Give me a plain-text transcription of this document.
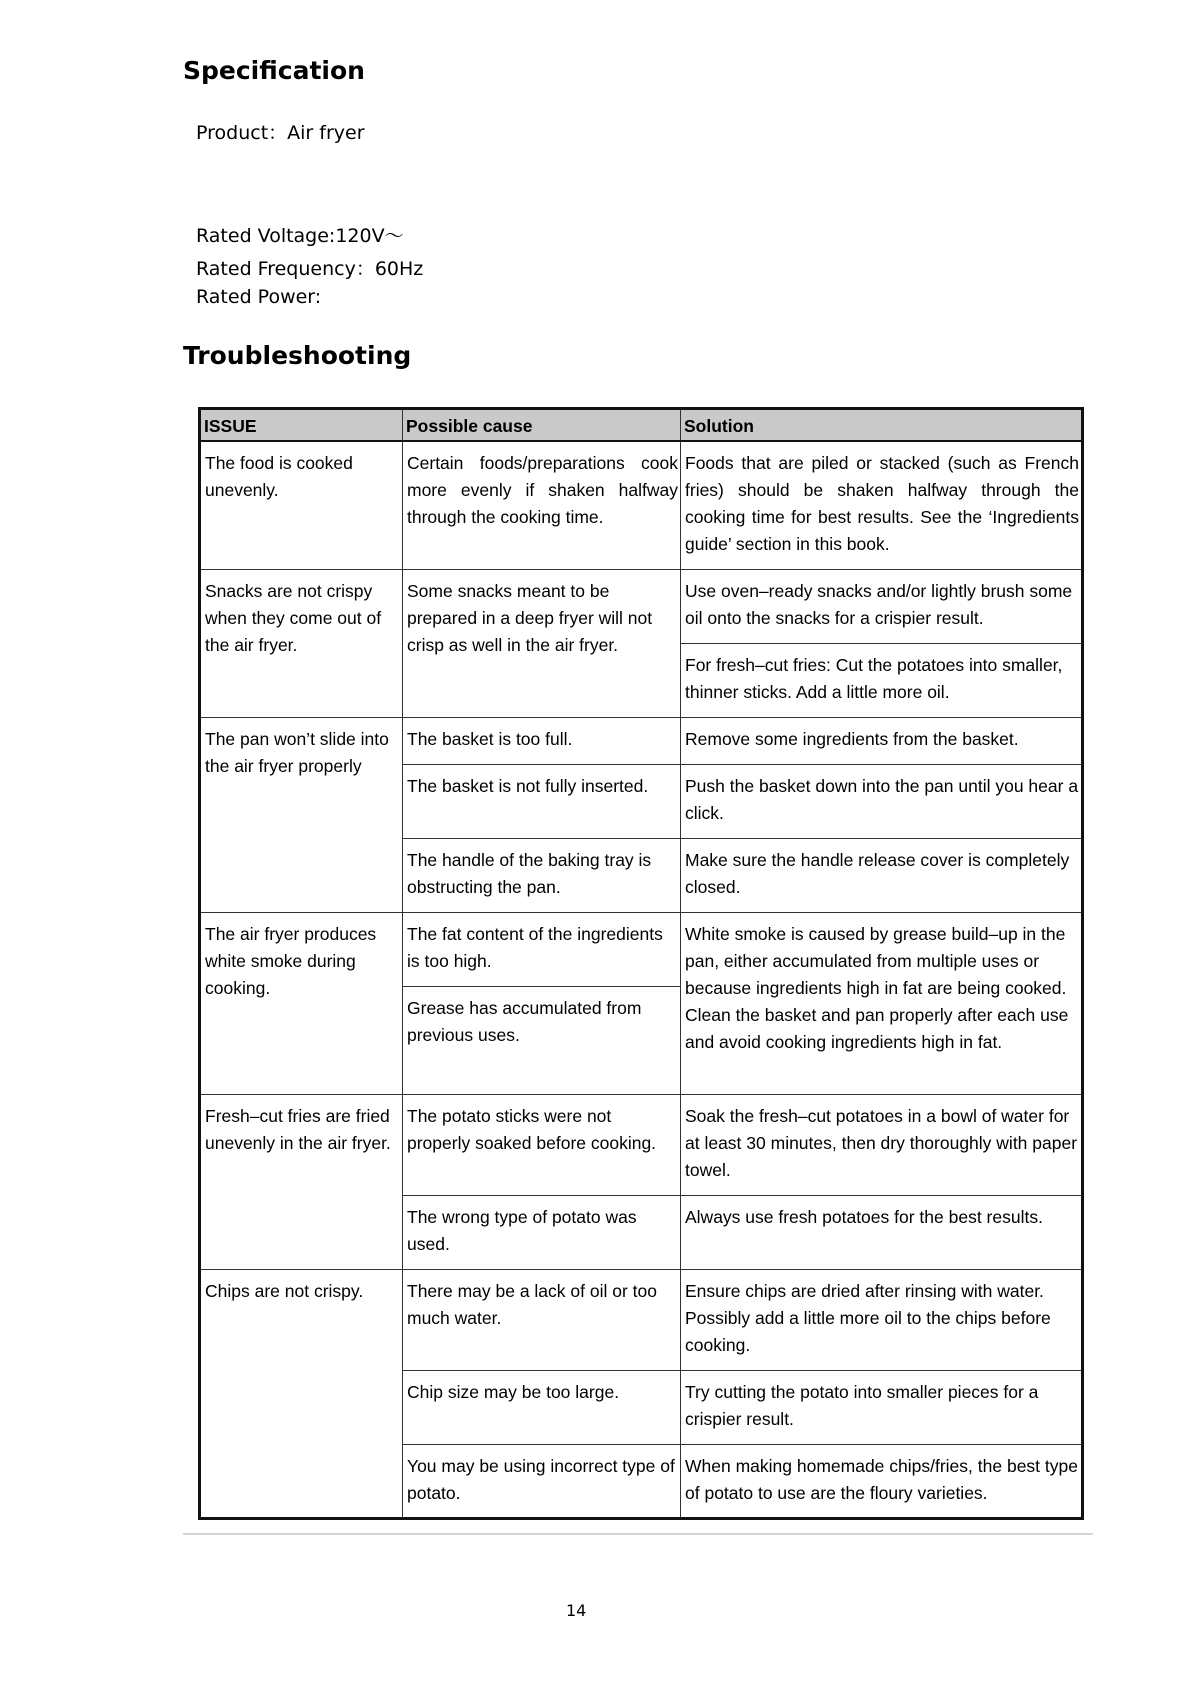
Specification

Product：Air fryer

Rated Voltage:120V～

Rated Frequency：60Hz

Rated Power:

Troubleshooting
ISSUE	Possible cause	Solution
The food is cooked unevenly.	Certain foods/preparations cook more evenly if shaken halfway through the cooking time.	Foods that are piled or stacked (such as French fries) should be shaken halfway through the cooking time for best results. See the ‘Ingredients guide’ section in this book.
Snacks are not crispy when they come out of the air fryer.	Some snacks meant to be prepared in a deep fryer will not crisp as well in the air fryer.	Use oven–ready snacks and/or lightly brush some oil onto the snacks for a crispier result.
		For fresh–cut fries: Cut the potatoes into smaller, thinner sticks. Add a little more oil.
The pan won’t slide into the air fryer properly	The basket is too full.	Remove some ingredients from the basket.
	The basket is not fully inserted.	Push the basket down into the pan until you hear a click.
	The handle of the baking tray is obstructing the pan.	Make sure the handle release cover is completely closed.
The air fryer produces white smoke during cooking.	The fat content of the ingredients is too high.	White smoke is caused by grease build–up in the pan, either accumulated from multiple uses or because ingredients high in fat are being cooked. Clean the basket and pan properly after each use and avoid cooking ingredients high in fat.
	Grease has accumulated from previous uses.	
Fresh–cut fries are fried unevenly in the air fryer.	The potato sticks were not properly soaked before cooking.	Soak the fresh–cut potatoes in a bowl of water for at least 30 minutes, then dry thoroughly with paper towel.
	The wrong type of potato was used.	Always use fresh potatoes for the best results.
Chips are not crispy.	There may be a lack of oil or too much water.	Ensure chips are dried after rinsing with water. Possibly add a little more oil to the chips before cooking.
	Chip size may be too large.	Try cutting the potato into smaller pieces for a crispier result.
	You may be using incorrect type of potato.	When making homemade chips/fries, the best type of potato to use are the floury varieties.
14
